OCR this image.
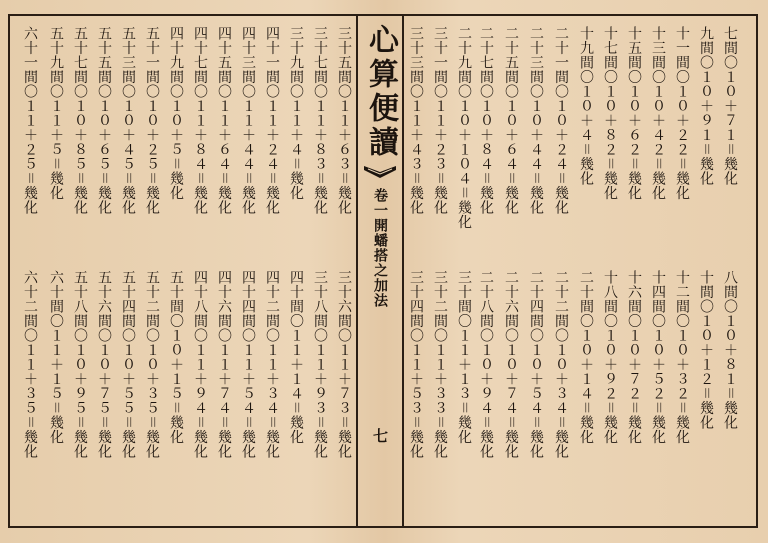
心算便讀
卷一開蟠搭之加法
七
七間〇１０＋７１＝幾化
九間〇１０＋９１＝幾化
十一間〇１０＋２２＝幾化
十三間〇１０＋４２＝幾化
十五間〇１０＋６２＝幾化
十七間〇１０＋８２＝幾化
十九間〇１０＋４＝幾化
二十一間〇１０＋２４＝幾化
二十三間〇１０＋４４＝幾化
二十五間〇１０＋６４＝幾化
二十七間〇１０＋８４＝幾化
二十九間〇１０＋１０４＝幾化
三十一間〇１１＋２３＝幾化
三十三間〇１１＋４３＝幾化
八間〇１０＋８１＝幾化
十間〇１０＋１２＝幾化
十二間〇１０＋３２＝幾化
十四間〇１０＋５２＝幾化
十六間〇１０＋７２＝幾化
十八間〇１０＋９２＝幾化
二十間〇１０＋１４＝幾化
二十二間〇１０＋３４＝幾化
二十四間〇１０＋５４＝幾化
二十六間〇１０＋７４＝幾化
二十八間〇１０＋９４＝幾化
三十間〇１１＋１３＝幾化
三十二間〇１１＋３３＝幾化
三十四間〇１１＋５３＝幾化
三十五間〇１１＋６３＝幾化
三十七間〇１１＋８３＝幾化
三十九間〇１１＋４＝幾化
四十一間〇１１＋２４＝幾化
四十三間〇１１＋４４＝幾化
四十五間〇１１＋６４＝幾化
四十七間〇１１＋８４＝幾化
四十九間〇１０＋５＝幾化
五十一間〇１０＋２５＝幾化
五十三間〇１０＋４５＝幾化
五十五間〇１０＋６５＝幾化
五十七間〇１０＋８５＝幾化
五十九間〇１１＋５＝幾化
六十一間〇１１＋２５＝幾化
三十六間〇１１＋７３＝幾化
三十八間〇１１＋９３＝幾化
四十間〇１１＋１４＝幾化
四十二間〇１１＋３４＝幾化
四十四間〇１１＋５４＝幾化
四十六間〇１１＋７４＝幾化
四十八間〇１１＋９４＝幾化
五十間〇１０＋１５＝幾化
五十二間〇１０＋３５＝幾化
五十四間〇１０＋５５＝幾化
五十六間〇１０＋７５＝幾化
五十八間〇１０＋９５＝幾化
六十間〇１１＋１５＝幾化
六十二間〇１１＋３５＝幾化
